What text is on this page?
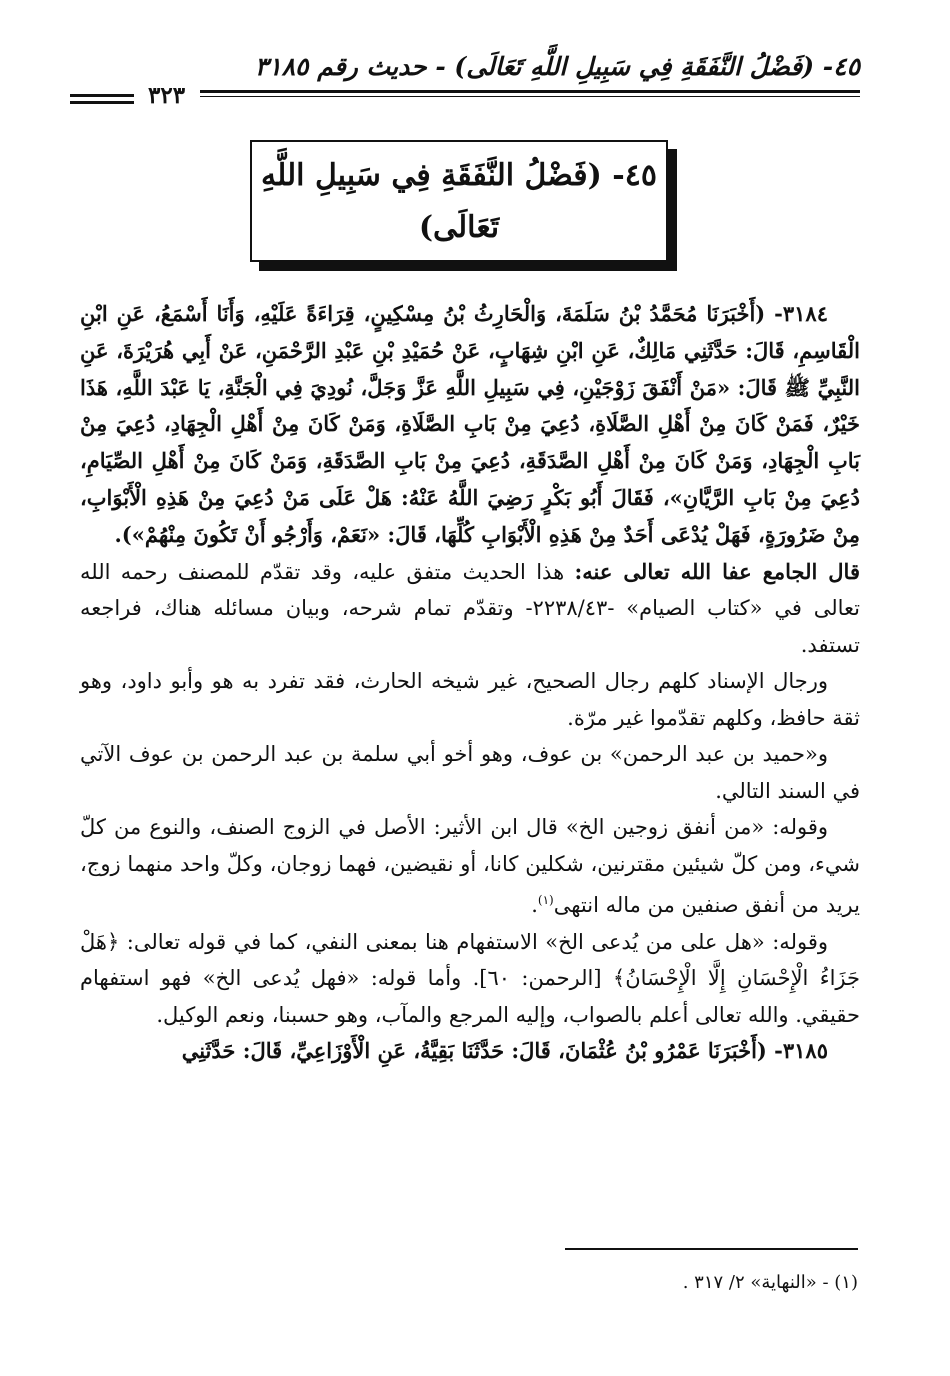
٤٥- (فَضْلُ النَّفَقَةِ فِي سَبِيلِ اللَّهِ تَعَالَى) - حديث رقم ٣١٨٥
٣٢٣
٤٥- (فَضْلُ النَّفَقَةِ فِي سَبِيلِ اللَّهِ
تَعَالَى)

٣١٨٤- (أَخْبَرَنَا مُحَمَّدُ بْنُ سَلَمَةَ، وَالْحَارِثُ بْنُ مِسْكِينٍ، قِرَاءَةً عَلَيْهِ، وَأَنَا أَسْمَعُ، عَنِ ابْنِ الْقَاسِمِ، قَالَ: حَدَّثَنِي مَالِكٌ، عَنِ ابْنِ شِهَابٍ، عَنْ حُمَيْدِ بْنِ عَبْدِ الرَّحْمَنِ، عَنْ أَبِي هُرَيْرَةَ، عَنِ النَّبِيِّ ﷺ قَالَ: «مَنْ أَنْفَقَ زَوْجَيْنِ، فِي سَبِيلِ اللَّهِ عَزَّ وَجَلَّ، نُودِيَ فِي الْجَنَّةِ، يَا عَبْدَ اللَّهِ، هَذَا خَيْرٌ، فَمَنْ كَانَ مِنْ أَهْلِ الصَّلَاةِ، دُعِيَ مِنْ بَابِ الصَّلَاةِ، وَمَنْ كَانَ مِنْ أَهْلِ الْجِهَادِ، دُعِيَ مِنْ بَابِ الْجِهَادِ، وَمَنْ كَانَ مِنْ أَهْلِ الصَّدَقَةِ، دُعِيَ مِنْ بَابِ الصَّدَقَةِ، وَمَنْ كَانَ مِنْ أَهْلِ الصِّيَامِ، دُعِيَ مِنْ بَابِ الرَّيَّانِ»، فَقَالَ أَبُو بَكْرٍ رَضِيَ اللَّهُ عَنْهُ: هَلْ عَلَى مَنْ دُعِيَ مِنْ هَذِهِ الْأَبْوَابِ، مِنْ ضَرُورَةٍ، فَهَلْ يُدْعَى أَحَدٌ مِنْ هَذِهِ الْأَبْوَابِ كُلِّهَا، قَالَ: «نَعَمْ، وَأَرْجُو أَنْ تَكُونَ مِنْهُمْ»).

قال الجامع عفا الله تعالى عنه: هذا الحديث متفق عليه، وقد تقدّم للمصنف رحمه الله تعالى في «كتاب الصيام» -٢٢٣٨/٤٣- وتقدّم تمام شرحه، وبيان مسائله هناك، فراجعه تستفد.

ورجال الإسناد كلهم رجال الصحيح، غير شيخه الحارث، فقد تفرد به هو وأبو داود، وهو ثقة حافظ، وكلهم تقدّموا غير مرّة.

و«حميد بن عبد الرحمن» بن عوف، وهو أخو أبي سلمة بن عبد الرحمن بن عوف الآتي في السند التالي.

وقوله: «من أنفق زوجين الخ» قال ابن الأثير: الأصل في الزوج الصنف، والنوع من كلّ شيء، ومن كلّ شيئين مقترنين، شكلين كانا، أو نقيضين، فهما زوجان، وكلّ واحد منهما زوج، يريد من أنفق صنفين من ماله انتهى$^{(١)}$.

وقوله: «هل على من يُدعى الخ» الاستفهام هنا بمعنى النفي، كما في قوله تعالى: ﴿هَلْ جَزَاءُ الْإِحْسَانِ إِلَّا الْإِحْسَانُ﴾ [الرحمن: ٦٠]. وأما قوله: «فهل يُدعى الخ» فهو استفهام حقيقي. والله تعالى أعلم بالصواب، وإليه المرجع والمآب، وهو حسبنا، ونعم الوكيل.

٣١٨٥- (أَخْبَرَنَا عَمْرُو بْنُ عُثْمَانَ، قَالَ: حَدَّثَنَا بَقِيَّةُ، عَنِ الْأَوْزَاعِيِّ، قَالَ: حَدَّثَنِي

(١) - «النهاية» ٢/ ٣١٧ .
